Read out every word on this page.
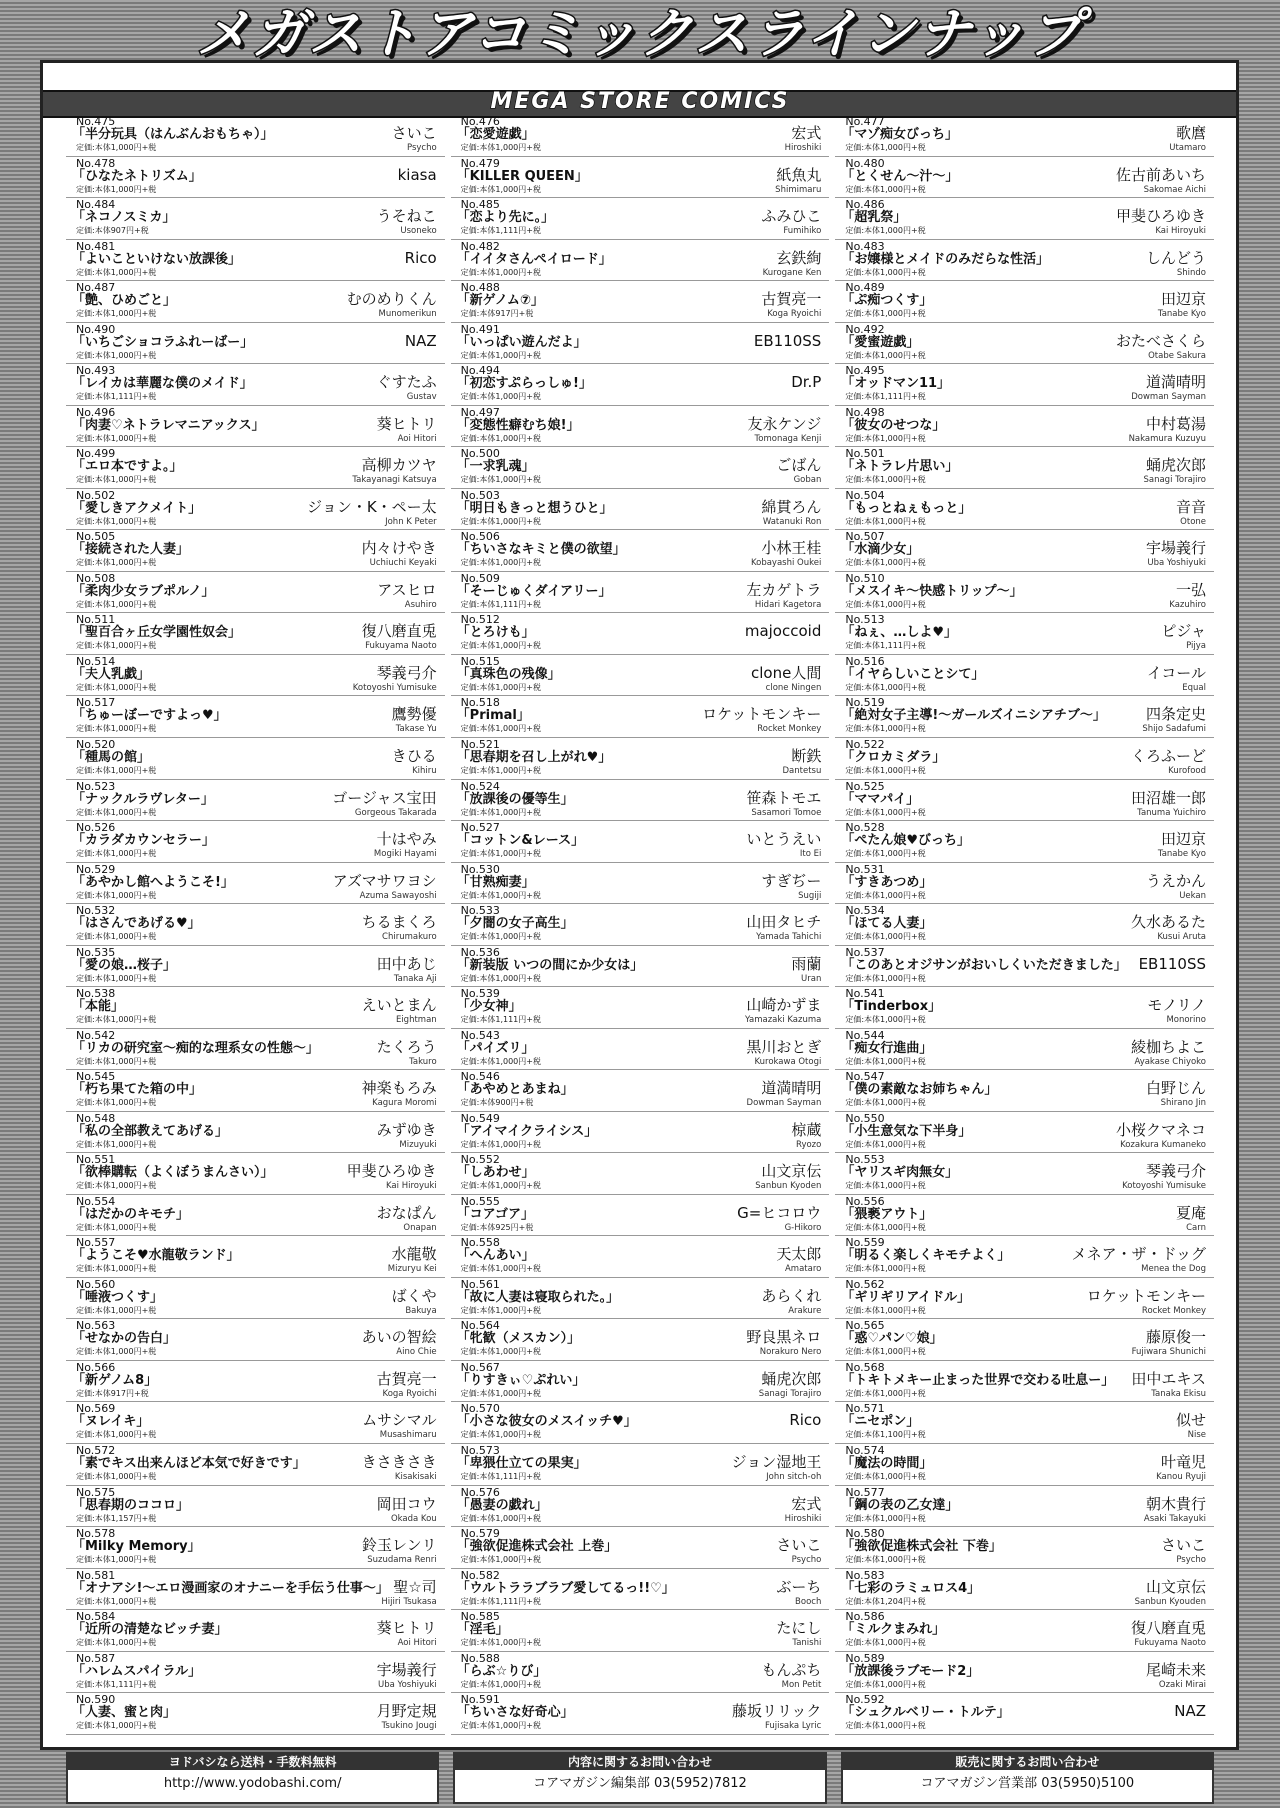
メガストアコミックスラインナップ
MEGA STORE COMICS
No.475
「半分玩具（はんぶんおもちゃ）」
定価:本体1,000円+税
さいこ
Psycho
No.478
「ひなたネトリズム」
定価:本体1,000円+税
kiasa
No.484
「ネコノスミカ」
定価:本体907円+税
うそねこ
Usoneko
No.481
「よいこといけない放課後」
定価:本体1,000円+税
Rico
No.487
「艶、ひめごと」
定価:本体1,000円+税
むのめりくん
Munomerikun
No.490
「いちごショコラふれーばー」
定価:本体1,000円+税
NAZ
No.493
「レイカは華麗な僕のメイド」
定価:本体1,111円+税
ぐすたふ
Gustav
No.496
「肉妻♡ネトラレマニアックス」
定価:本体1,000円+税
葵ヒトリ
Aoi Hitori
No.499
「エロ本ですよ。」
定価:本体1,000円+税
高柳カツヤ
Takayanagi Katsuya
No.502
「愛しきアクメイト」
定価:本体1,000円+税
ジョン・K・ペー太
John K Peter
No.505
「接続された人妻」
定価:本体1,000円+税
内々けやき
Uchiuchi Keyaki
No.508
「柔肉少女ラブポルノ」
定価:本体1,000円+税
アスヒロ
Asuhiro
No.511
「聖百合ヶ丘女学園性奴会」
定価:本体1,000円+税
復八磨直兎
Fukuyama Naoto
No.514
「夫人乳戯」
定価:本体1,000円+税
琴義弓介
Kotoyoshi Yumisuke
No.517
「ちゅーぼーですよっ♥」
定価:本体1,000円+税
鷹勢優
Takase Yu
No.520
「種馬の館」
定価:本体1,000円+税
きひる
Kihiru
No.523
「ナックルラヴレター」
定価:本体1,000円+税
ゴージャス宝田
Gorgeous Takarada
No.526
「カラダカウンセラー」
定価:本体1,000円+税
十はやみ
Mogiki Hayami
No.529
「あやかし館へようこそ!」
定価:本体1,000円+税
アズマサワヨシ
Azuma Sawayoshi
No.532
「はさんであげる♥」
定価:本体1,000円+税
ちるまくろ
Chirumakuro
No.535
「愛の娘…桜子」
定価:本体1,000円+税
田中あじ
Tanaka Aji
No.538
「本能」
定価:本体1,000円+税
えいとまん
Eightman
No.542
「リカの研究室～痴的な理系女の性態～」
定価:本体1,000円+税
たくろう
Takuro
No.545
「朽ち果てた箱の中」
定価:本体1,000円+税
神楽もろみ
Kagura Moromi
No.548
「私の全部教えてあげる」
定価:本体1,000円+税
みずゆき
Mizuyuki
No.551
「欲棒購転（よくぼうまんさい）」
定価:本体1,000円+税
甲斐ひろゆき
Kai Hiroyuki
No.554
「はだかのキモチ」
定価:本体1,000円+税
おなぱん
Onapan
No.557
「ようこそ♥水龍敬ランド」
定価:本体1,000円+税
水龍敬
Mizuryu Kei
No.560
「唾液つくす」
定価:本体1,000円+税
ばくや
Bakuya
No.563
「せなかの告白」
定価:本体1,000円+税
あいの智絵
Aino Chie
No.566
「新ゲノム8」
定価:本体917円+税
古賀亮一
Koga Ryoichi
No.569
「ヌレイキ」
定価:本体1,000円+税
ムサシマル
Musashimaru
No.572
「素でキス出来んほど本気で好きです」
定価:本体1,000円+税
きさきさき
Kisakisaki
No.575
「思春期のココロ」
定価:本体1,157円+税
岡田コウ
Okada Kou
No.578
「Milky Memory」
定価:本体1,000円+税
鈴玉レンリ
Suzudama Renri
No.581
「オナアシ!～エロ漫画家のオナニーを手伝う仕事～」
定価:本体1,000円+税
聖☆司
Hijiri Tsukasa
No.584
「近所の清楚なビッチ妻」
定価:本体1,000円+税
葵ヒトリ
Aoi Hitori
No.587
「ハレムスパイラル」
定価:本体1,111円+税
宇場義行
Uba Yoshiyuki
No.590
「人妻、蜜と肉」
定価:本体1,000円+税
月野定規
Tsukino Jougi
No.476
「恋愛遊戯」
定価:本体1,000円+税
宏式
Hiroshiki
No.479
「KILLER QUEEN」
定価:本体1,000円+税
紙魚丸
Shimimaru
No.485
「恋より先に。」
定価:本体1,111円+税
ふみひこ
Fumihiko
No.482
「イイタさんペイロード」
定価:本体1,000円+税
玄鉄絢
Kurogane Ken
No.488
「新ゲノム⑦」
定価:本体917円+税
古賀亮一
Koga Ryoichi
No.491
「いっぱい遊んだよ」
定価:本体1,000円+税
EB110SS
No.494
「初恋すぷらっしゅ!」
定価:本体1,000円+税
Dr.P
No.497
「変態性癖むち娘!」
定価:本体1,000円+税
友永ケンジ
Tomonaga Kenji
No.500
「一求乳魂」
定価:本体1,000円+税
ごばん
Goban
No.503
「明日もきっと想うひと」
定価:本体1,000円+税
綿貫ろん
Watanuki Ron
No.506
「ちいさなキミと僕の欲望」
定価:本体1,000円+税
小林王桂
Kobayashi Oukei
No.509
「そーじゅくダイアリー」
定価:本体1,111円+税
左カゲトラ
Hidari Kagetora
No.512
「とろけも」
定価:本体1,000円+税
majoccoid
No.515
「真珠色の残像」
定価:本体1,000円+税
clone人間
clone Ningen
No.518
「Primal」
定価:本体1,000円+税
ロケットモンキー
Rocket Monkey
No.521
「思春期を召し上がれ♥」
定価:本体1,000円+税
断鉄
Dantetsu
No.524
「放課後の優等生」
定価:本体1,000円+税
笹森トモエ
Sasamori Tomoe
No.527
「コットン&レース」
定価:本体1,000円+税
いとうえい
Ito Ei
No.530
「甘熟痴妻」
定価:本体1,000円+税
すぎぢー
Sugiji
No.533
「夕闇の女子高生」
定価:本体1,000円+税
山田タヒチ
Yamada Tahichi
No.536
「新装版 いつの間にか少女は」
定価:本体1,000円+税
雨蘭
Uran
No.539
「少女神」
定価:本体1,111円+税
山崎かずま
Yamazaki Kazuma
No.543
「パイズリ」
定価:本体1,000円+税
黒川おとぎ
Kurokawa Otogi
No.546
「あやめとあまね」
定価:本体900円+税
道満晴明
Dowman Sayman
No.549
「アイマイクライシス」
定価:本体1,000円+税
椋蔵
Ryozo
No.552
「しあわせ」
定価:本体1,000円+税
山文京伝
Sanbun Kyoden
No.555
「コアゴア」
定価:本体925円+税
G=ヒコロウ
G-Hikoro
No.558
「へんあい」
定価:本体1,000円+税
天太郎
Amataro
No.561
「故に人妻は寝取られた。」
定価:本体1,000円+税
あらくれ
Arakure
No.564
「牝歓（メスカン）」
定価:本体1,000円+税
野良黒ネロ
Norakuro Nero
No.567
「りすきぃ♡ぷれい」
定価:本体1,000円+税
蛹虎次郎
Sanagi Torajiro
No.570
「小さな彼女のメスイッチ♥」
定価:本体1,000円+税
Rico
No.573
「卑猥仕立ての果実」
定価:本体1,111円+税
ジョン湿地王
John sitch-oh
No.576
「愚妻の戯れ」
定価:本体1,000円+税
宏式
Hiroshiki
No.579
「強欲促進株式会社 上巻」
定価:本体1,000円+税
さいこ
Psycho
No.582
「ウルトララブラブ愛してるっ!!♡」
定価:本体1,111円+税
ぶーち
Booch
No.585
「淫毛」
定価:本体1,000円+税
たにし
Tanishi
No.588
「らぶ☆りび」
定価:本体1,000円+税
もんぷち
Mon Petit
No.591
「ちいさな好奇心」
定価:本体1,000円+税
藤坂リリック
Fujisaka Lyric
No.477
「マゾ痴女びっち」
定価:本体1,000円+税
歌麿
Utamaro
No.480
「とくせん～汁～」
定価:本体1,000円+税
佐古前あいち
Sakomae Aichi
No.486
「超乳祭」
定価:本体1,000円+税
甲斐ひろゆき
Kai Hiroyuki
No.483
「お嬢様とメイドのみだらな性活」
定価:本体1,000円+税
しんどう
Shindo
No.489
「ぷ痴つくす」
定価:本体1,000円+税
田辺京
Tanabe Kyo
No.492
「愛蜜遊戯」
定価:本体1,000円+税
おたべさくら
Otabe Sakura
No.495
「オッドマン11」
定価:本体1,111円+税
道満晴明
Dowman Sayman
No.498
「彼女のせつな」
定価:本体1,000円+税
中村葛湯
Nakamura Kuzuyu
No.501
「ネトラレ片思い」
定価:本体1,000円+税
蛹虎次郎
Sanagi Torajiro
No.504
「もっとねぇもっと」
定価:本体1,000円+税
音音
Otone
No.507
「水滴少女」
定価:本体1,000円+税
宇場義行
Uba Yoshiyuki
No.510
「メスイキ～快感トリップ～」
定価:本体1,000円+税
一弘
Kazuhiro
No.513
「ねぇ、…しよ♥」
定価:本体1,111円+税
ピジャ
Pijya
No.516
「イヤらしいことシて」
定価:本体1,000円+税
イコール
Equal
No.519
「絶対女子主導!～ガールズイニシアチブ～」
定価:本体1,000円+税
四条定史
Shijo Sadafumi
No.522
「クロカミダラ」
定価:本体1,000円+税
くろふーど
Kurofood
No.525
「ママパイ」
定価:本体1,000円+税
田沼雄一郎
Tanuma Yuichiro
No.528
「ぺたん娘♥びっち」
定価:本体1,000円+税
田辺京
Tanabe Kyo
No.531
「すきあつめ」
定価:本体1,000円+税
うえかん
Uekan
No.534
「ほてる人妻」
定価:本体1,000円+税
久水あるた
Kusui Aruta
No.537
「このあとオジサンがおいしくいただきました」
定価:本体1,000円+税
EB110SS
No.541
「Tinderbox」
定価:本体1,000円+税
モノリノ
Monorino
No.544
「痴女行進曲」
定価:本体1,000円+税
綾枷ちよこ
Ayakase Chiyoko
No.547
「僕の素敵なお姉ちゃん」
定価:本体1,000円+税
白野じん
Shirano Jin
No.550
「小生意気な下半身」
定価:本体1,000円+税
小桜クマネコ
Kozakura Kumaneko
No.553
「ヤリスギ肉無女」
定価:本体1,000円+税
琴義弓介
Kotoyoshi Yumisuke
No.556
「猥褻アウト」
定価:本体1,000円+税
夏庵
Carn
No.559
「明るく楽しくキモチよく」
定価:本体1,000円+税
メネア・ザ・ドッグ
Menea the Dog
No.562
「ギリギリアイドル」
定価:本体1,000円+税
ロケットモンキー
Rocket Monkey
No.565
「惑♡パン♡娘」
定価:本体1,000円+税
藤原俊一
Fujiwara Shunichi
No.568
「トキトメキー止まった世界で交わる吐息ー」
定価:本体1,000円+税
田中エキス
Tanaka Ekisu
No.571
「ニセポン」
定価:本体1,100円+税
似せ
Nise
No.574
「魔法の時間」
定価:本体1,000円+税
叶竜児
Kanou Ryuji
No.577
「鋼の表の乙女達」
定価:本体1,000円+税
朝木貴行
Asaki Takayuki
No.580
「強欲促進株式会社 下巻」
定価:本体1,000円+税
さいこ
Psycho
No.583
「七彩のラミュロス4」
定価:本体1,204円+税
山文京伝
Sanbun Kyouden
No.586
「ミルクまみれ」
定価:本体1,000円+税
復八磨直兎
Fukuyama Naoto
No.589
「放課後ラブモード2」
定価:本体1,000円+税
尾崎未来
Ozaki Mirai
No.592
「シュクルベリー・トルテ」
定価:本体1,000円+税
NAZ
ヨドバシなら送料・手数料無料
http://www.yodobashi.com/
内容に関するお問い合わせ
コアマガジン編集部 03(5952)7812
販売に関するお問い合わせ
コアマガジン営業部 03(5950)5100
